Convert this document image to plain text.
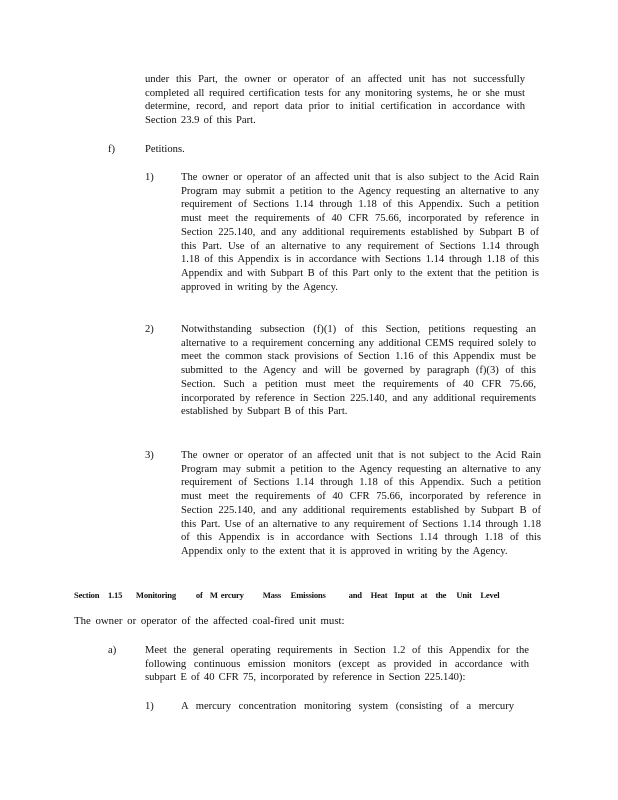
under this Part, the owner or operator of an affected unit has not successfully completed all required certification tests for any monitoring systems, he or she must determine, record, and report data prior to initial certification in accordance with Section 23.9 of this Part.

f)	Petitions.
1)	The owner or operator of an affected unit that is also subject to the Acid Rain Program may submit a petition to the Agency requesting an alternative to any requirement of Sections 1.14 through 1.18 of this Appendix. Such a petition must meet the requirements of 40 CFR 75.66, incorporated by reference in Section 225.140, and any additional requirements established by Subpart B of this Part. Use of an alternative to any requirement of Sections 1.14 through 1.18 of this Appendix is in accordance with Sections 1.14 through 1.18 of this Appendix and with Subpart B of this Part only to the extent that the petition is approved in writing by the Agency.

2)	Notwithstanding subsection (f)(1) of this Section, petitions requesting an alternative to a requirement concerning any additional CEMS required solely to meet the common stack provisions of Section 1.16 of this Appendix must be submitted to the Agency and will be governed by paragraph (f)(3) of this Section. Such a petition must meet the requirements of 40 CFR 75.66, incorporated by reference in Section 225.140, and any additional requirements established by Subpart B of this Part.

3)	The owner or operator of an affected unit that is not subject to the Acid Rain Program may submit a petition to the Agency requesting an alternative to any requirement of Sections 1.14 through 1.18 of this Appendix. Such a petition must meet the requirements of 40 CFR 75.66, incorporated by reference in Section 225.140, and any additional requirements established by Subpart B of this Part. Use of an alternative to any requirement of Sections 1.14 through 1.18 of this Appendix is in accordance with Sections 1.14 through 1.18 of this Appendix only to the extent that it is approved in writing by the Agency.

Section 1.15 Monitoring of M ercury Mass Emissions	and Heat Input at the Unit Level

The owner or operator of the affected coal-fired unit must:

a)	Meet the general operating requirements in Section 1.2 of this Appendix for the following continuous emission monitors (except as provided in accordance with subpart E of 40 CFR 75, incorporated by reference in Section 225.140):

1)	A mercury concentration monitoring system (consisting of a mercury
